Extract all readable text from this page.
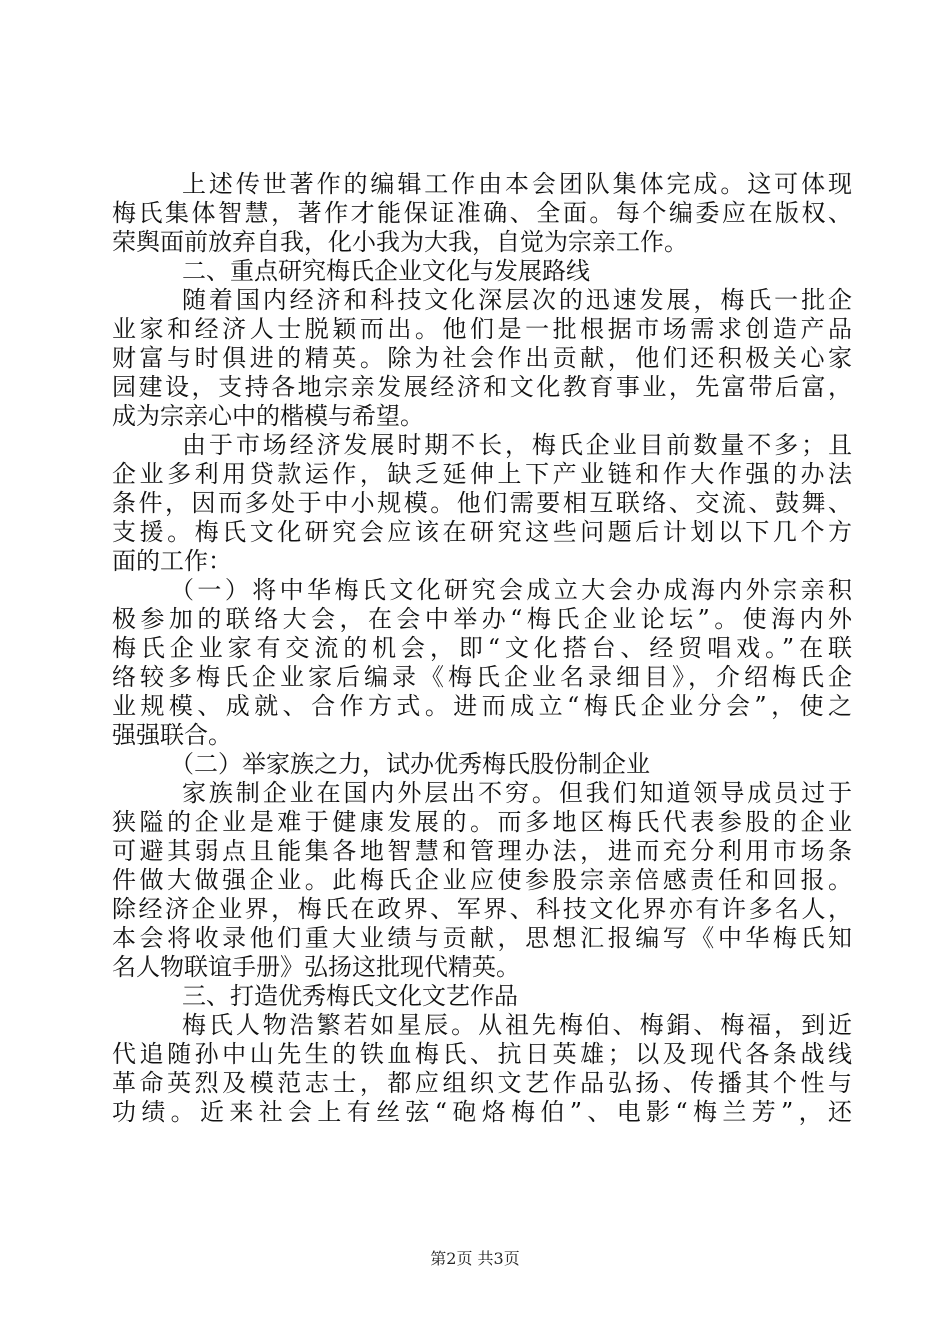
上述传世著作的编辑工作由本会团队集体完成。这可体现
梅氏集体智慧，著作才能保证准确、全面。每个编委应在版权、
荣舆面前放弃自我，化小我为大我，自觉为宗亲工作。
二、重点研究梅氏企业文化与发展路线
随着国内经济和科技文化深层次的迅速发展，梅氏一批企
业家和经济人士脱颖而出。他们是一批根据市场需求创造产品
财富与时俱进的精英。除为社会作出贡献，他们还积极关心家
园建设，支持各地宗亲发展经济和文化教育事业，先富带后富，
成为宗亲心中的楷模与希望。
由于市场经济发展时期不长，梅氏企业目前数量不多；且
企业多利用贷款运作，缺乏延伸上下产业链和作大作强的办法
条件，因而多处于中小规模。他们需要相互联络、交流、鼓舞、
支援。梅氏文化研究会应该在研究这些问题后计划以下几个方
面的工作：
（一）将中华梅氏文化研究会成立大会办成海内外宗亲积
极参加的联络大会，在会中举办“梅氏企业论坛”。使海内外
梅氏企业家有交流的机会，即“文化搭台、经贸唱戏。”在联
络较多梅氏企业家后编录《梅氏企业名录细目》，介绍梅氏企
业规模、成就、合作方式。进而成立“梅氏企业分会”，使之
强强联合。
（二）举家族之力，试办优秀梅氏股份制企业
家族制企业在国内外层出不穷。但我们知道领导成员过于
狭隘的企业是难于健康发展的。而多地区梅氏代表参股的企业
可避其弱点且能集各地智慧和管理办法，进而充分利用市场条
件做大做强企业。此梅氏企业应使参股宗亲倍感责任和回报。
除经济企业界，梅氏在政界、军界、科技文化界亦有许多名人，
本会将收录他们重大业绩与贡献，思想汇报编写《中华梅氏知
名人物联谊手册》弘扬这批现代精英。
三、打造优秀梅氏文化文艺作品
梅氏人物浩繁若如星辰。从祖先梅伯、梅鋗、梅福，到近
代追随孙中山先生的铁血梅氏、抗日英雄；以及现代各条战线
革命英烈及模范志士，都应组织文艺作品弘扬、传播其个性与
功绩。近来社会上有丝弦“砲烙梅伯”、电影“梅兰芳”，还
第2页 共3页
